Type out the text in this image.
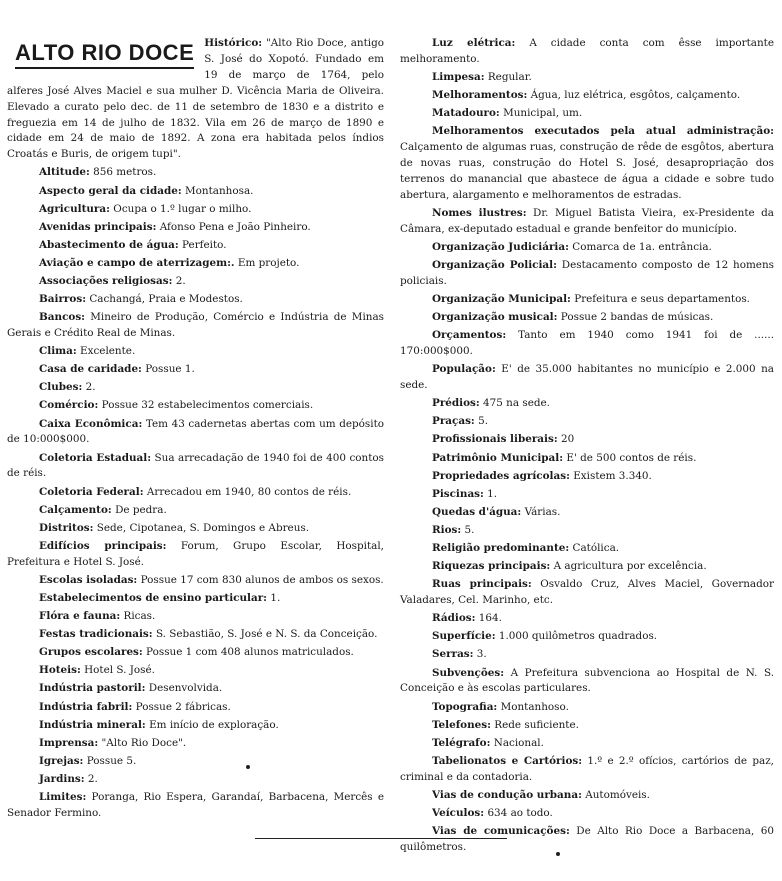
ALTO RIO DOCE Histórico: "Alto Rio Doce, antigo S. José do Xopotó. Fundado em 19 de março de 1764, pelo alferes José Alves Maciel e sua mulher D. Vicência Maria de Oliveira. Elevado a curato pelo dec. de 11 de setembro de 1830 e a distrito e freguezia em 14 de julho de 1832. Vila em 26 de março de 1890 e cidade em 24 de maio de 1892. A zona era habitada pelos índios Croatás e Buris, de origem tupi".

Altitude: 856 metros.

Aspecto geral da cidade: Montanhosa.

Agricultura: Ocupa o 1.º lugar o milho.

Avenidas principais: Afonso Pena e João Pinheiro.

Abastecimento de água: Perfeito.

Aviação e campo de aterrizagem:. Em projeto.

Associações religiosas: 2.

Bairros: Cachangá, Praia e Modestos.

Bancos: Mineiro de Produção, Comércio e Indústria de Minas Gerais e Crédito Real de Minas.

Clima: Excelente.

Casa de caridade: Possue 1.

Clubes: 2.

Comércio: Possue 32 estabelecimentos comerciais.

Caixa Econômica: Tem 43 cadernetas abertas com um depósito de 10:000$000.

Coletoria Estadual: Sua arrecadação de 1940 foi de 400 contos de réis.

Coletoria Federal: Arrecadou em 1940, 80 contos de réis.

Calçamento: De pedra.

Distritos: Sede, Cipotanea, S. Domingos e Abreus.

Edifícios principais: Forum, Grupo Escolar, Hospital, Prefeitura e Hotel S. José.

Escolas isoladas: Possue 17 com 830 alunos de ambos os sexos.

Estabelecimentos de ensino particular: 1.

Flóra e fauna: Ricas.

Festas tradicionais: S. Sebastião, S. José e N. S. da Conceição.

Grupos escolares: Possue 1 com 408 alunos matriculados.

Hoteis: Hotel S. José.

Indústria pastoril: Desenvolvida.

Indústria fabril: Possue 2 fábricas.

Indústria mineral: Em início de exploração.

Imprensa: "Alto Rio Doce".

Igrejas: Possue 5.

Jardins: 2.

Limites: Poranga, Rio Espera, Garandaí, Barbacena, Mercês e Senador Fermino.

Luz elétrica: A cidade conta com êsse importante melhoramento.

Limpesa: Regular.

Melhoramentos: Água, luz elétrica, esgôtos, calçamento.

Matadouro: Municipal, um.

Melhoramentos executados pela atual administração: Calçamento de algumas ruas, construção de rêde de esgôtos, abertura de novas ruas, construção do Hotel S. José, desapropriação dos terrenos do manancial que abastece de água a cidade e sobre tudo abertura, alargamento e melhoramentos de estradas.

Nomes ilustres: Dr. Miguel Batista Vieira, ex-Presidente da Câmara, ex-deputado estadual e grande benfeitor do município.

Organização Judiciária: Comarca de 1a. entrância.

Organização Policial: Destacamento composto de 12 homens policiais.

Organização Municipal: Prefeitura e seus departamentos.

Organização musical: Possue 2 bandas de músicas.

Orçamentos: Tanto em 1940 como 1941 foi de ...... 170:000$000.

População: E' de 35.000 habitantes no município e 2.000 na sede.

Prédios: 475 na sede.

Praças: 5.

Profissionais liberais: 20

Patrimônio Municipal: E' de 500 contos de réis.

Propriedades agrícolas: Existem 3.340.

Piscinas: 1.

Quedas d'água: Várias.

Rios: 5.

Religião predominante: Católica.

Riquezas principais: A agricultura por excelência.

Ruas principais: Osvaldo Cruz, Alves Maciel, Governador Valadares, Cel. Marinho, etc.

Rádios: 164.

Superfície: 1.000 quilômetros quadrados.

Serras: 3.

Subvenções: A Prefeitura subvenciona ao Hospital de N. S. Conceição e às escolas particulares.

Topografia: Montanhoso.

Telefones: Rede suficiente.

Telégrafo: Nacional.

Tabelionatos e Cartórios: 1.º e 2.º ofícios, cartórios de paz, criminal e da contadoria.

Vias de condução urbana: Automóveis.

Veículos: 634 ao todo.

Vias de comunicações: De Alto Rio Doce a Barbacena, 60 quilômetros.
